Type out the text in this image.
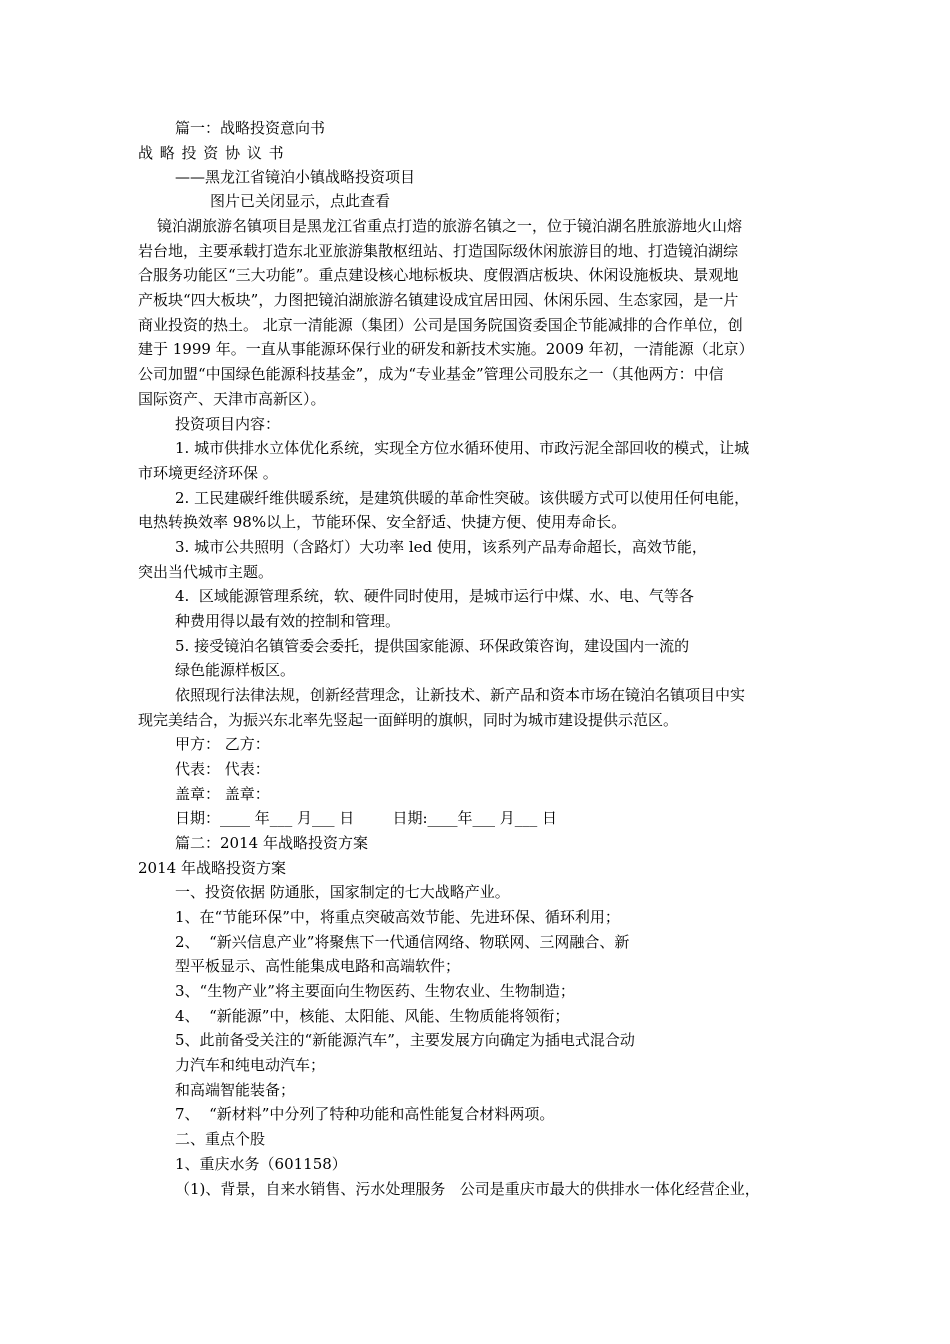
篇一：战略投资意向书

战 略 投 资 协 议 书

——黑龙江省镜泊小镇战略投资项目

图片已关闭显示，点此查看

镜泊湖旅游名镇项目是黑龙江省重点打造的旅游名镇之一，位于镜泊湖名胜旅游地火山熔

岩台地，主要承载打造东北亚旅游集散枢纽站、打造国际级休闲旅游目的地、打造镜泊湖综

合服务功能区“三大功能”。重点建设核心地标板块、度假酒店板块、休闲设施板块、景观地

产板块“四大板块”，力图把镜泊湖旅游名镇建设成宜居田园、休闲乐园、生态家园，是一片

商业投资的热土。 北京一清能源（集团）公司是国务院国资委国企节能减排的合作单位，创

建于 1999 年。一直从事能源环保行业的研发和新技术实施。2009 年初，一清能源（北京）

公司加盟“中国绿色能源科技基金”，成为“专业基金”管理公司股东之一（其他两方：中信

国际资产、天津市高新区）。

投资项目内容：

1. 城市供排水立体优化系统，实现全方位水循环使用、市政污泥全部回收的模式，让城

市环境更经济环保 。

2. 工民建碳纤维供暖系统，是建筑供暖的革命性突破。该供暖方式可以使用任何电能，

电热转换效率 98%以上，节能环保、安全舒适、快捷方便、使用寿命长。

3. 城市公共照明（含路灯）大功率 led 使用，该系列产品寿命超长，高效节能，

突出当代城市主题。

4.  区域能源管理系统，软、硬件同时使用，是城市运行中煤、水、电、气等各

种费用得以最有效的控制和管理。

5. 接受镜泊名镇管委会委托，提供国家能源、环保政策咨询，建设国内一流的

绿色能源样板区。

依照现行法律法规，创新经营理念，让新技术、新产品和资本市场在镜泊名镇项目中实

现完美结合，为振兴东北率先竖起一面鲜明的旗帜，同时为城市建设提供示范区。

甲方： 乙方：

代表： 代表：

盖章： 盖章：

日期：____ 年___ 月___ 日        日期:____年___ 月___ 日

篇二：2014 年战略投资方案

2014 年战略投资方案

一、投资依据 防通胀，国家制定的七大战略产业。

1、在“节能环保”中，将重点突破高效节能、先进环保、循环利用；

2、  “新兴信息产业”将聚焦下一代通信网络、物联网、三网融合、新

型平板显示、高性能集成电路和高端软件；

3、“生物产业”将主要面向生物医药、生物农业、生物制造；

4、  “新能源”中，核能、太阳能、风能、生物质能将领衔；

5、此前备受关注的“新能源汽车”，主要发展方向确定为插电式混合动

力汽车和纯电动汽车；

和高端智能装备；

7、  “新材料”中分列了特种功能和高性能复合材料两项。

二、重点个股

1、重庆水务（601158）

（1)、背景，自来水销售、污水处理服务   公司是重庆市最大的供排水一体化经营企业，
